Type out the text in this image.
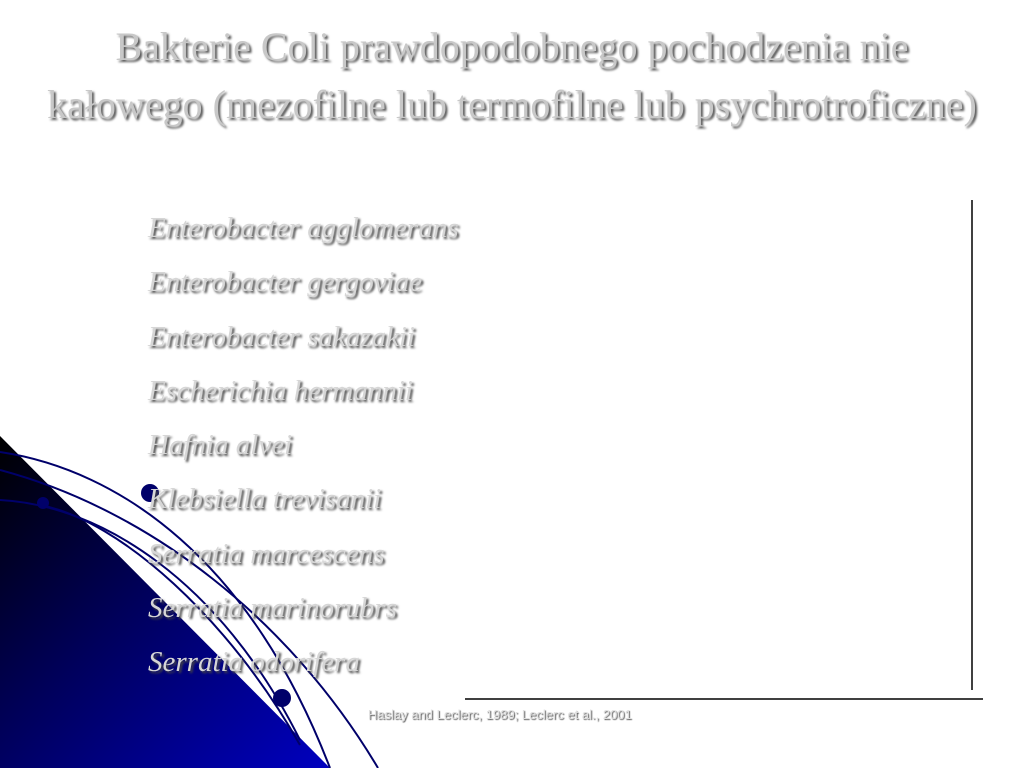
Bakterie Coli prawdopodobnego pochodzenia nie kałowego (mezofilne lub termofilne lub psychrotroficzne)
Enterobacter agglomerans
Enterobacter gergoviae
Enterobacter sakazakii
Escherichia hermannii
Hafnia alvei
Klebsiella trevisanii
Serratia marcescens
Serratia marinorubrs
Serratia odorifera
Haslay and Leclerc, 1989; Leclerc et al., 2001
